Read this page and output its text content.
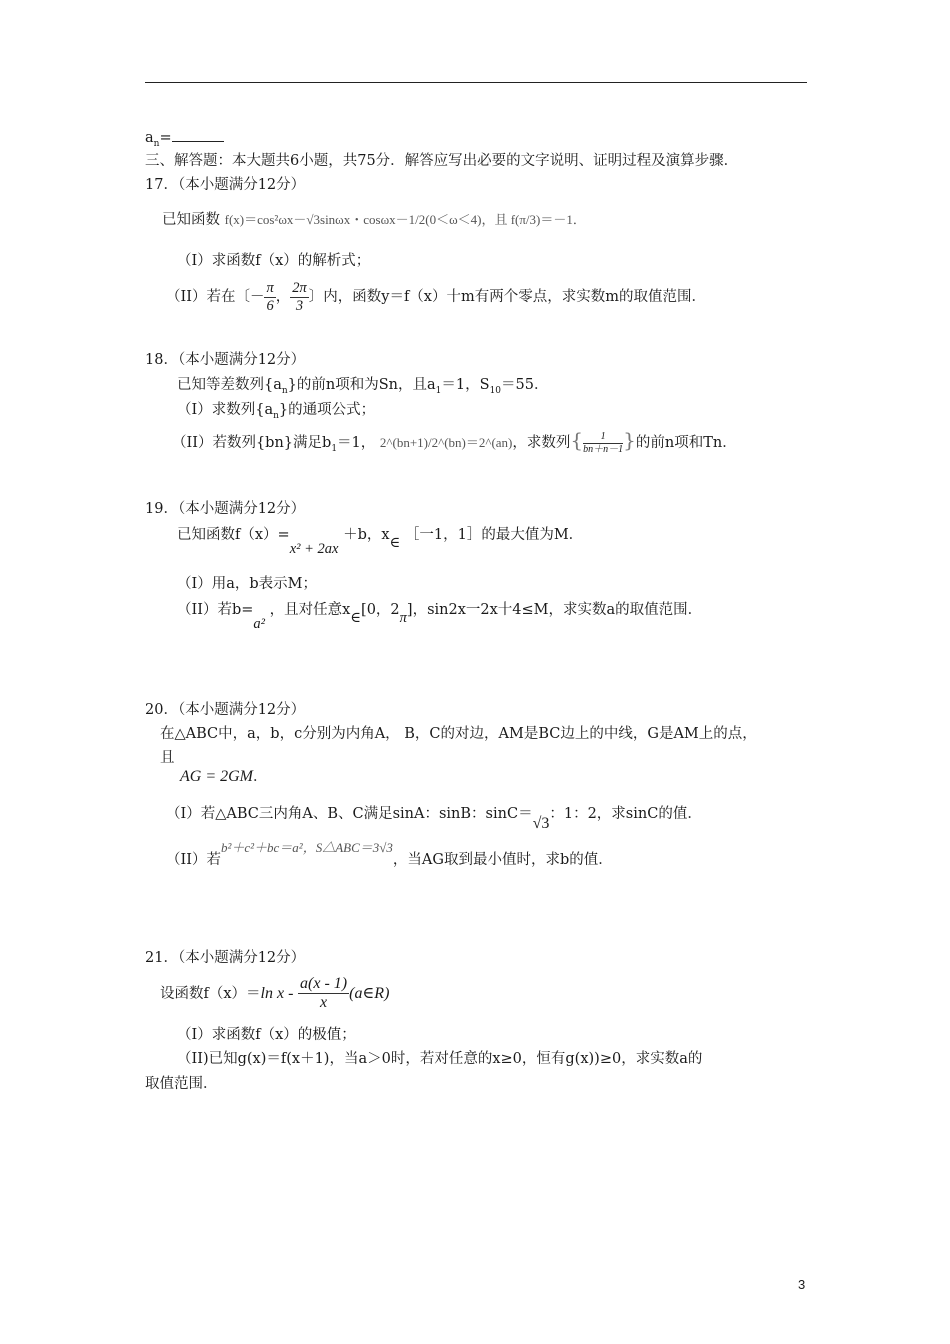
$a_n=$
三、解答题：本大题共6小题，共75分．解答应写出必要的文字说明、证明过程及演算步骤．
17．（本小题满分12分）
已知函数 f(x)＝cos²ωx－√3sinωx・cosωx－1/2(0＜ω＜4)，且 f(π/3)＝－1．
（I）求函数f（x）的解析式；
（II）若在〔－ $\frac{\pi}{6}$ ， $\frac{2\pi}{3}$ 〕内，函数y＝f（x）十m有两个零点，求实数m的取值范围．
18．（本小题满分12分）
已知等差数列$\{a_n\}$的前n项和为Sn，且$a_1=1$，$S_{10}=55$．
（I）求数列$\{a_n\}$的通项公式；
（II）若数列{bn}满足$b_1=1$， 2^(bn+1)/2^(bn)＝2^(an)，求数列{ $\frac{1}{bn+n-1}$ }的前n项和Tn．
19．（本小题满分12分）
已知函数f（x）=x² + 2ax ＋b，x∈ ［一1，1］的最大值为M．
（I）用a，b表示M；
（II）若b=a² ，且对任意x∈[0，2π]，sin2x一2x十4≤M，求实数a的取值范围．
20．（本小题满分12分）
在△ABC中，a，b，c分别为内角A， B，C的对边，AM是BC边上的中线，G是AM上的点，
且
AG = 2GM．
（I）若△ABC三内角A、B、C满足sinA：sinB：sinC＝√3：1：2，求sinC的值．
（II）若b²＋c²＋bc＝a²，S△ABC＝3√3，当AG取到最小值时，求b的值．
21．（本小题满分12分）
设函数f（x）＝ln x - $\frac{a(x - 1)}{x}$ (a∈R)
（I）求函数f（x）的极值；
（II)已知g(x)＝f(x＋1)，当a＞0时，若对任意的x≥0，恒有g(x))≥0，求实数a的
取值范围．
3
